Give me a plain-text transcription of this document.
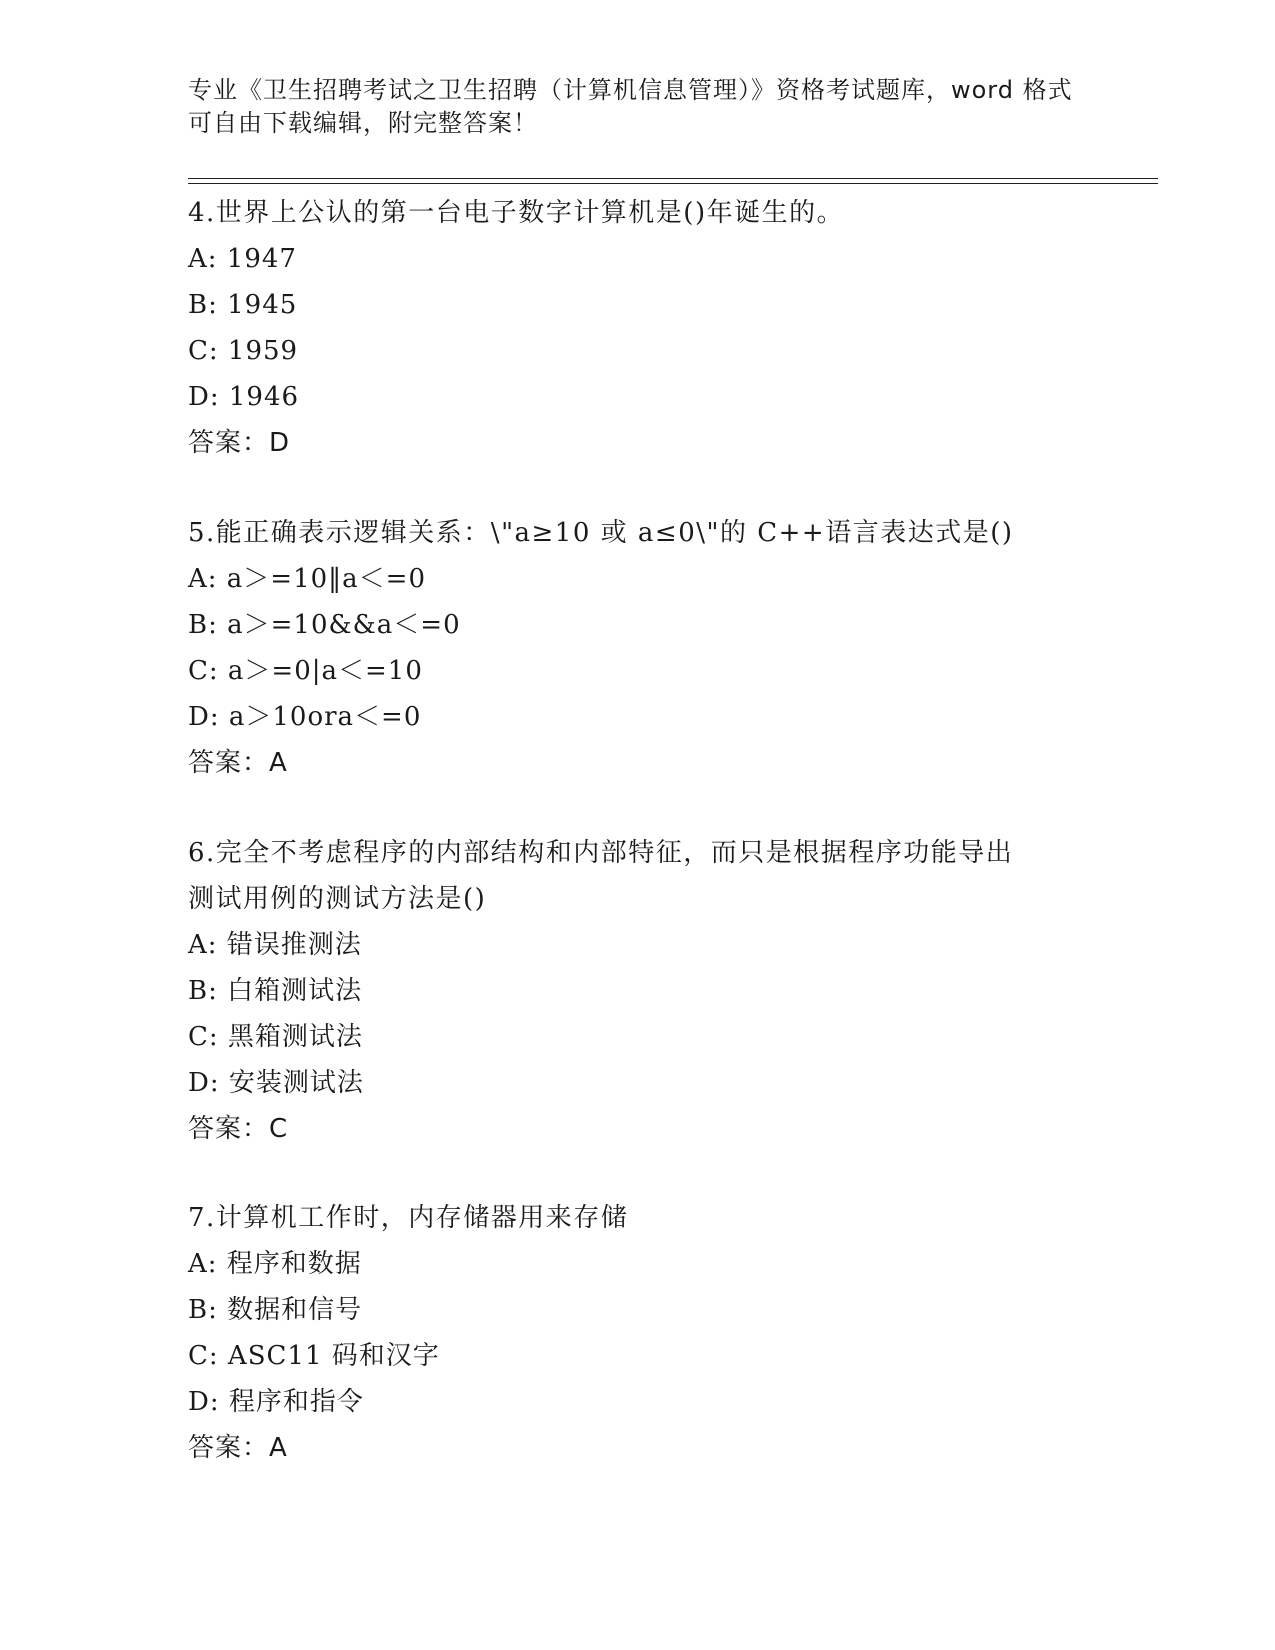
专业《卫生招聘考试之卫生招聘（计算机信息管理）》资格考试题库，word 格式
可自由下载编辑，附完整答案！

4.世界上公认的第一台电子数字计算机是()年诞生的。

A: 1947

B: 1945

C: 1959

D: 1946

答案：D

5.能正确表示逻辑关系：\"a≥10 或 a≤0\"的 C++语言表达式是()

A: a＞=10‖a＜=0

B: a＞=10&&a＜=0

C: a＞=0|a＜=10

D: a＞10ora＜=0

答案：A

6.完全不考虑程序的内部结构和内部特征，而只是根据程序功能导出
测试用例的测试方法是()

A: 错误推测法

B: 白箱测试法

C: 黑箱测试法

D: 安装测试法

答案：C

7.计算机工作时，内存储器用来存储

A: 程序和数据

B: 数据和信号

C: ASC11 码和汉字

D: 程序和指令

答案：A
